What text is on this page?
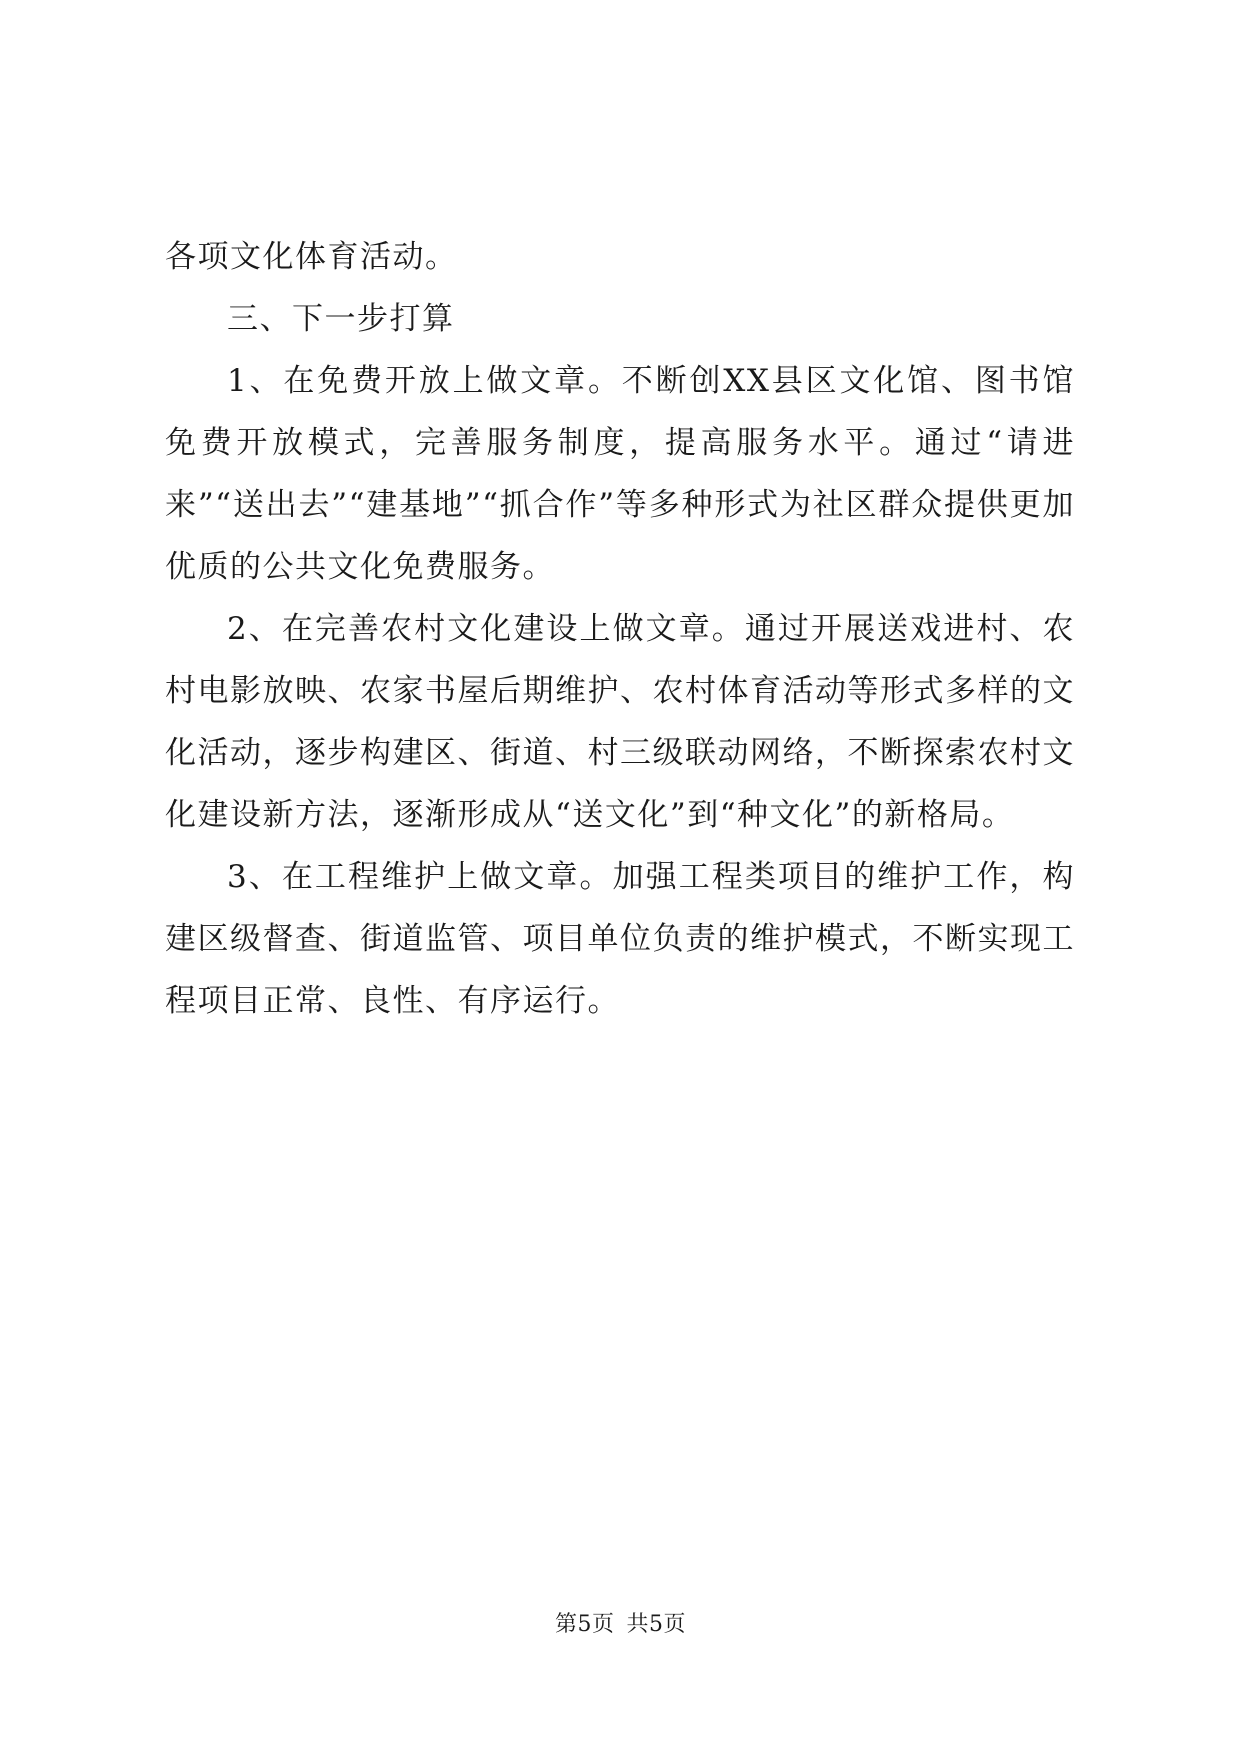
各项文化体育活动。

三、下一步打算

1、在免费开放上做文章。不断创XX县区文化馆、图书馆免费开放模式，完善服务制度，提高服务水平。通过“请进来”“送出去”“建基地”“抓合作”等多种形式为社区群众提供更加优质的公共文化免费服务。

2、在完善农村文化建设上做文章。通过开展送戏进村、农村电影放映、农家书屋后期维护、农村体育活动等形式多样的文化活动，逐步构建区、街道、村三级联动网络，不断探索农村文化建设新方法，逐渐形成从“送文化”到“种文化”的新格局。

3、在工程维护上做文章。加强工程类项目的维护工作，构建区级督查、街道监管、项目单位负责的维护模式，不断实现工程项目正常、良性、有序运行。

第5页 共5页
